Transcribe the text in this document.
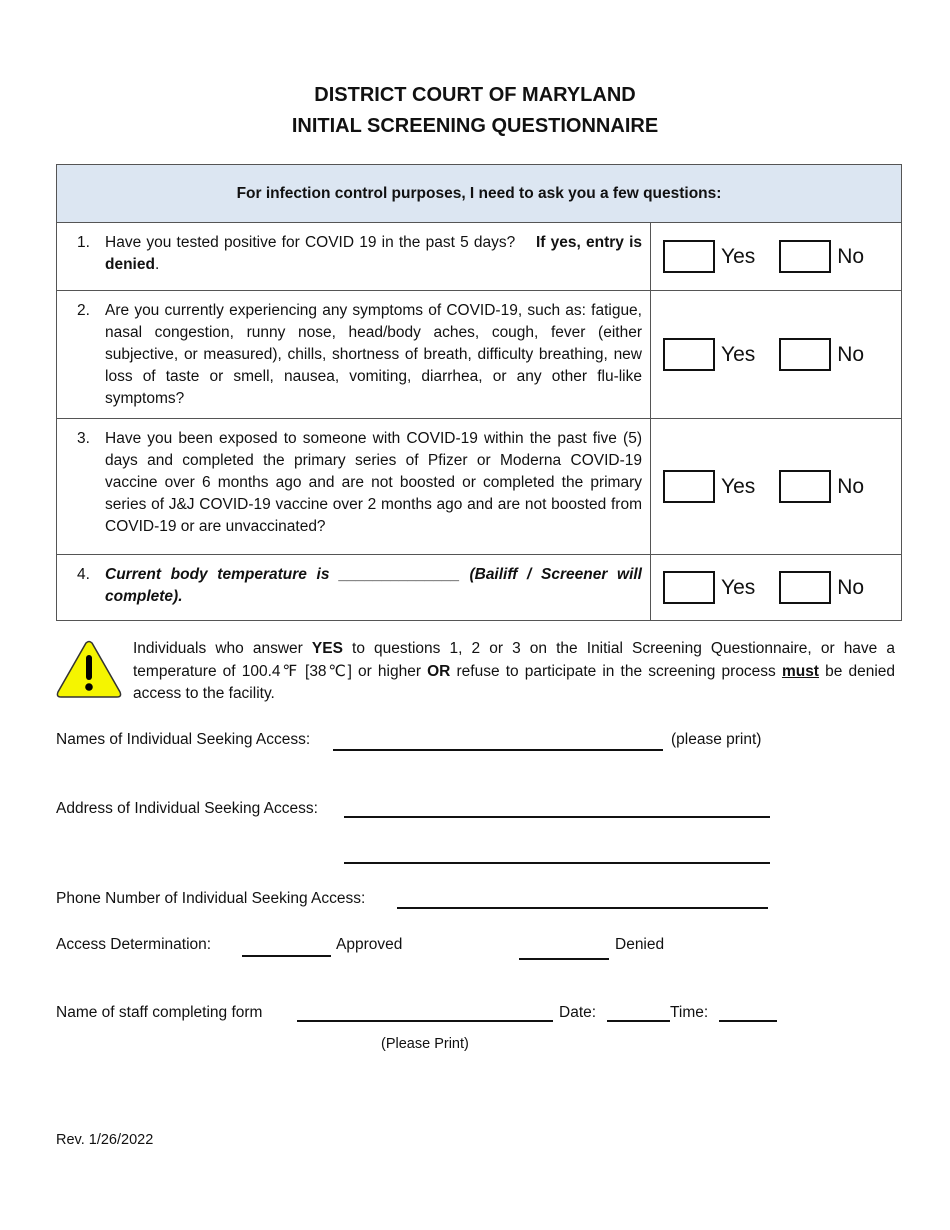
DISTRICT COURT OF MARYLAND
INITIAL SCREENING QUESTIONNAIRE
For infection control purposes, I need to ask you a few questions:	

1. Have you tested positive for COVID 19 in the past 5 days? If yes, entry is denied.	Yes No

2. Are you currently experiencing any symptoms of COVID-19, such as: fatigue, nasal congestion, runny nose, head/body aches, cough, fever (either subjective, or measured), chills, shortness of breath, difficulty breathing, new loss of taste or smell, nausea, vomiting, diarrhea, or any other flu-like symptoms?	Yes No

3. Have you been exposed to someone with COVID-19 within the past five (5) days and completed the primary series of Pfizer or Moderna COVID-19 vaccine over 6 months ago and are not boosted or completed the primary series of J&J COVID-19 vaccine over 2 months ago and are not boosted from COVID-19 or are unvaccinated?	Yes No

4. Current body temperature is ______________ (Bailiff / Screener will complete).	Yes No
Individuals who answer YES to questions 1, 2 or 3 on the Initial Screening Questionnaire, or have a temperature of 100.4℉ [38℃] or higher OR refuse to participate in the screening process must be denied access to the facility.
Names of Individual Seeking Access:	(please print)
Address of Individual Seeking Access:
Phone Number of Individual Seeking Access:
Access Determination:	Approved	Denied
Name of staff completing form	Date:	Time:
(Please Print)
Rev. 1/26/2022
